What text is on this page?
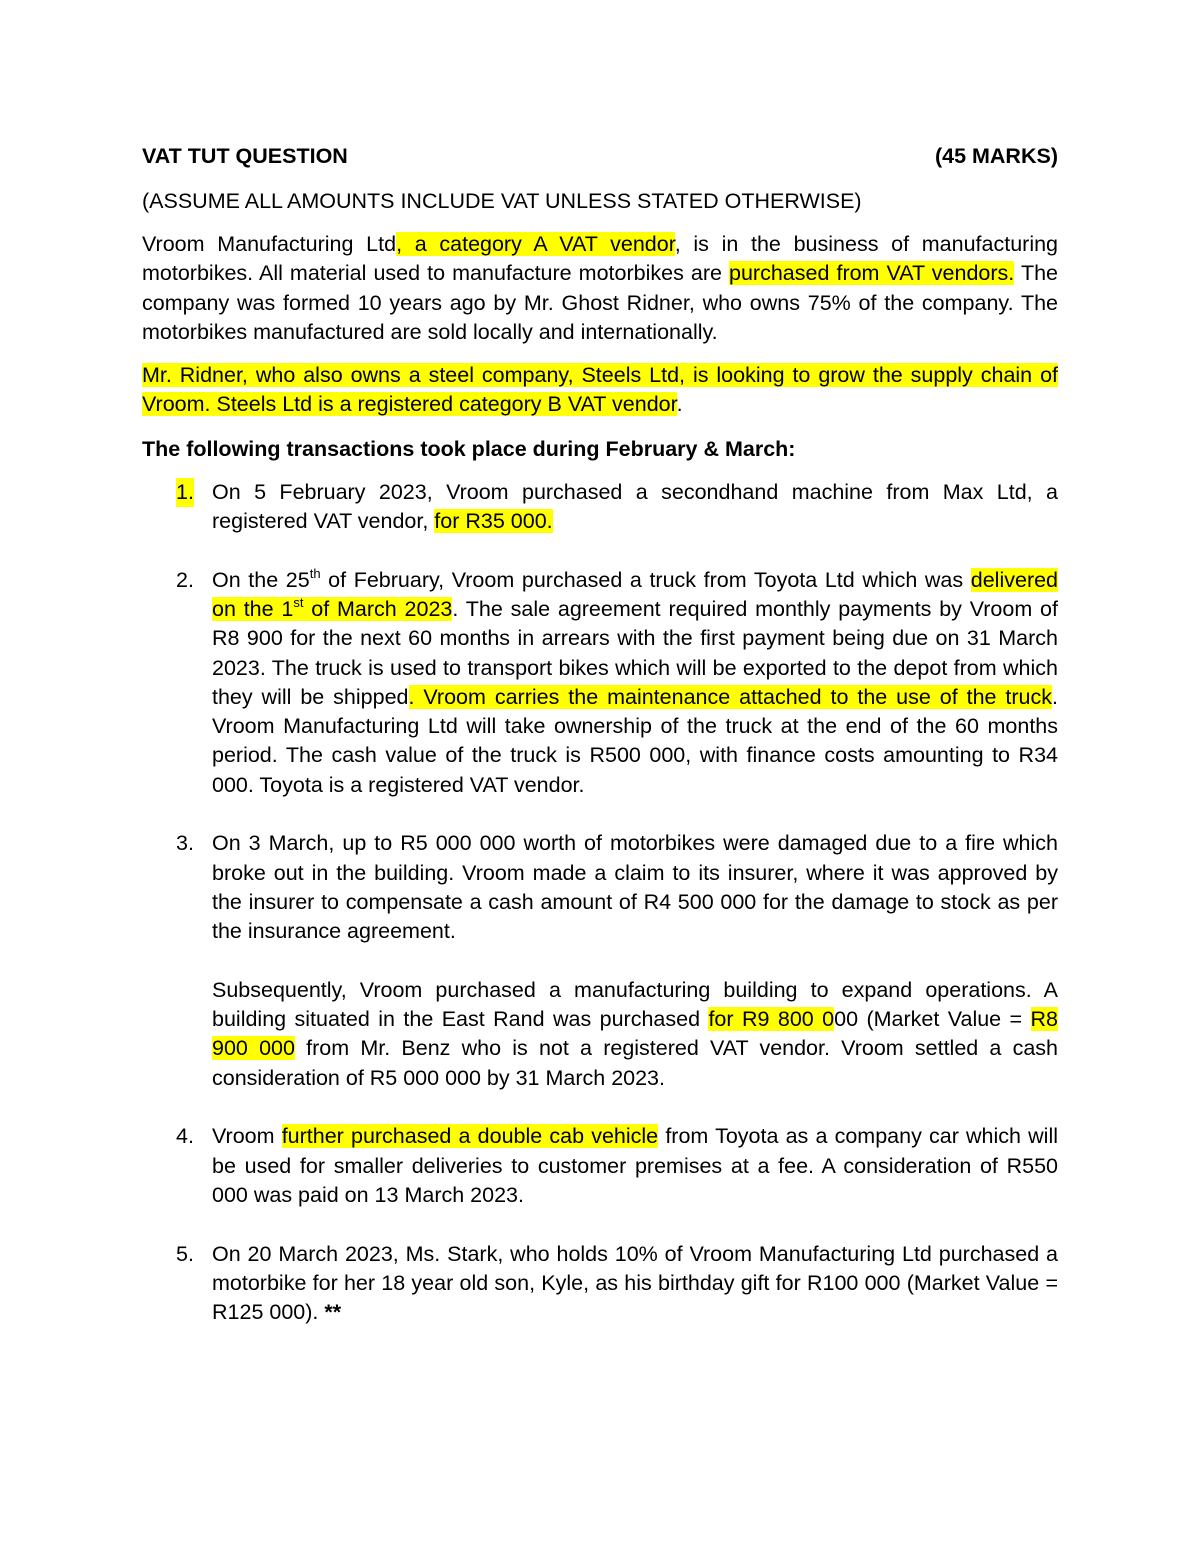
VAT TUT QUESTION	(45 MARKS)
(ASSUME ALL AMOUNTS INCLUDE VAT UNLESS STATED OTHERWISE)

Vroom Manufacturing Ltd, a category A VAT vendor, is in the business of manufacturing motorbikes. All material used to manufacture motorbikes are purchased from VAT vendors. The company was formed 10 years ago by Mr. Ghost Ridner, who owns 75% of the company. The motorbikes manufactured are sold locally and internationally.

Mr. Ridner, who also owns a steel company, Steels Ltd, is looking to grow the supply chain of Vroom. Steels Ltd is a registered category B VAT vendor.

The following transactions took place during February & March:
1. On 5 February 2023, Vroom purchased a secondhand machine from Max Ltd, a registered VAT vendor, for R35 000.
2. On the 25th of February, Vroom purchased a truck from Toyota Ltd which was delivered on the 1st of March 2023. The sale agreement required monthly payments by Vroom of R8 900 for the next 60 months in arrears with the first payment being due on 31 March 2023. The truck is used to transport bikes which will be exported to the depot from which they will be shipped. Vroom carries the maintenance attached to the use of the truck. Vroom Manufacturing Ltd will take ownership of the truck at the end of the 60 months period. The cash value of the truck is R500 000, with finance costs amounting to R34 000. Toyota is a registered VAT vendor.
3. On 3 March, up to R5 000 000 worth of motorbikes were damaged due to a fire which broke out in the building. Vroom made a claim to its insurer, where it was approved by the insurer to compensate a cash amount of R4 500 000 for the damage to stock as per the insurance agreement.
Subsequently, Vroom purchased a manufacturing building to expand operations. A building situated in the East Rand was purchased for R9 800 000 (Market Value = R8 900 000 from Mr. Benz who is not a registered VAT vendor. Vroom settled a cash consideration of R5 000 000 by 31 March 2023.
4. Vroom further purchased a double cab vehicle from Toyota as a company car which will be used for smaller deliveries to customer premises at a fee. A consideration of R550 000 was paid on 13 March 2023.
5. On 20 March 2023, Ms. Stark, who holds 10% of Vroom Manufacturing Ltd purchased a motorbike for her 18 year old son, Kyle, as his birthday gift for R100 000 (Market Value = R125 000). **
